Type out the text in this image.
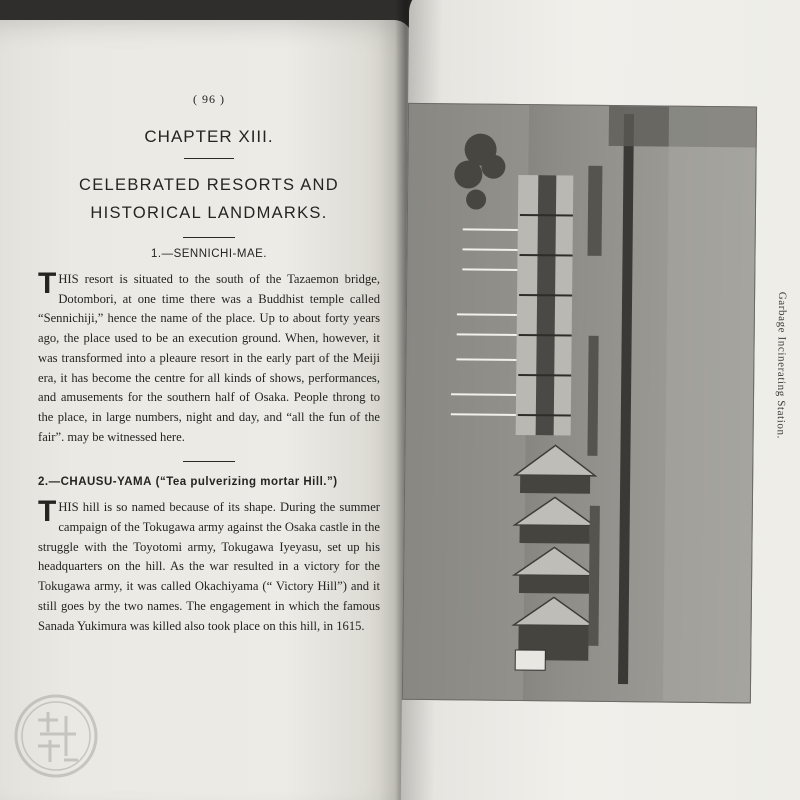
( 96 )
CHAPTER XIII.
CELEBRATED RESORTS AND
HISTORICAL LANDMARKS.
1.—SENNICHI-MAE.
THIS resort is situated to the south of the Tazaemon bridge, Dotombori, at one time there was a Buddhist temple called “Sennichiji,” hence the name of the place. Up to about forty years ago, the place used to be an execution ground. When, however, it was transformed into a pleaure resort in the early part of the Meiji era, it has become the centre for all kinds of shows, performances, and amusements for the southern half of Osaka. People throng to the place, in large numbers, night and day, and “all the fun of the fair”. may be witnessed here.
2.—CHAUSU-YAMA (“Tea pulverizing mortar Hill.”)
THIS hill is so named because of its shape. During the summer campaign of the Tokugawa army against the Osaka castle in the struggle with the Toyotomi army, Tokugawa Iyeyasu, set up his headquarters on the hill. As the war resulted in a victory for the Tokugawa army, it was called Okachiyama (“ Victory Hill”) and it still goes by the two names. The engagement in which the famous Sanada Yukimura was killed also took place on this hill, in 1615.
Garbage Incinerating Station.
